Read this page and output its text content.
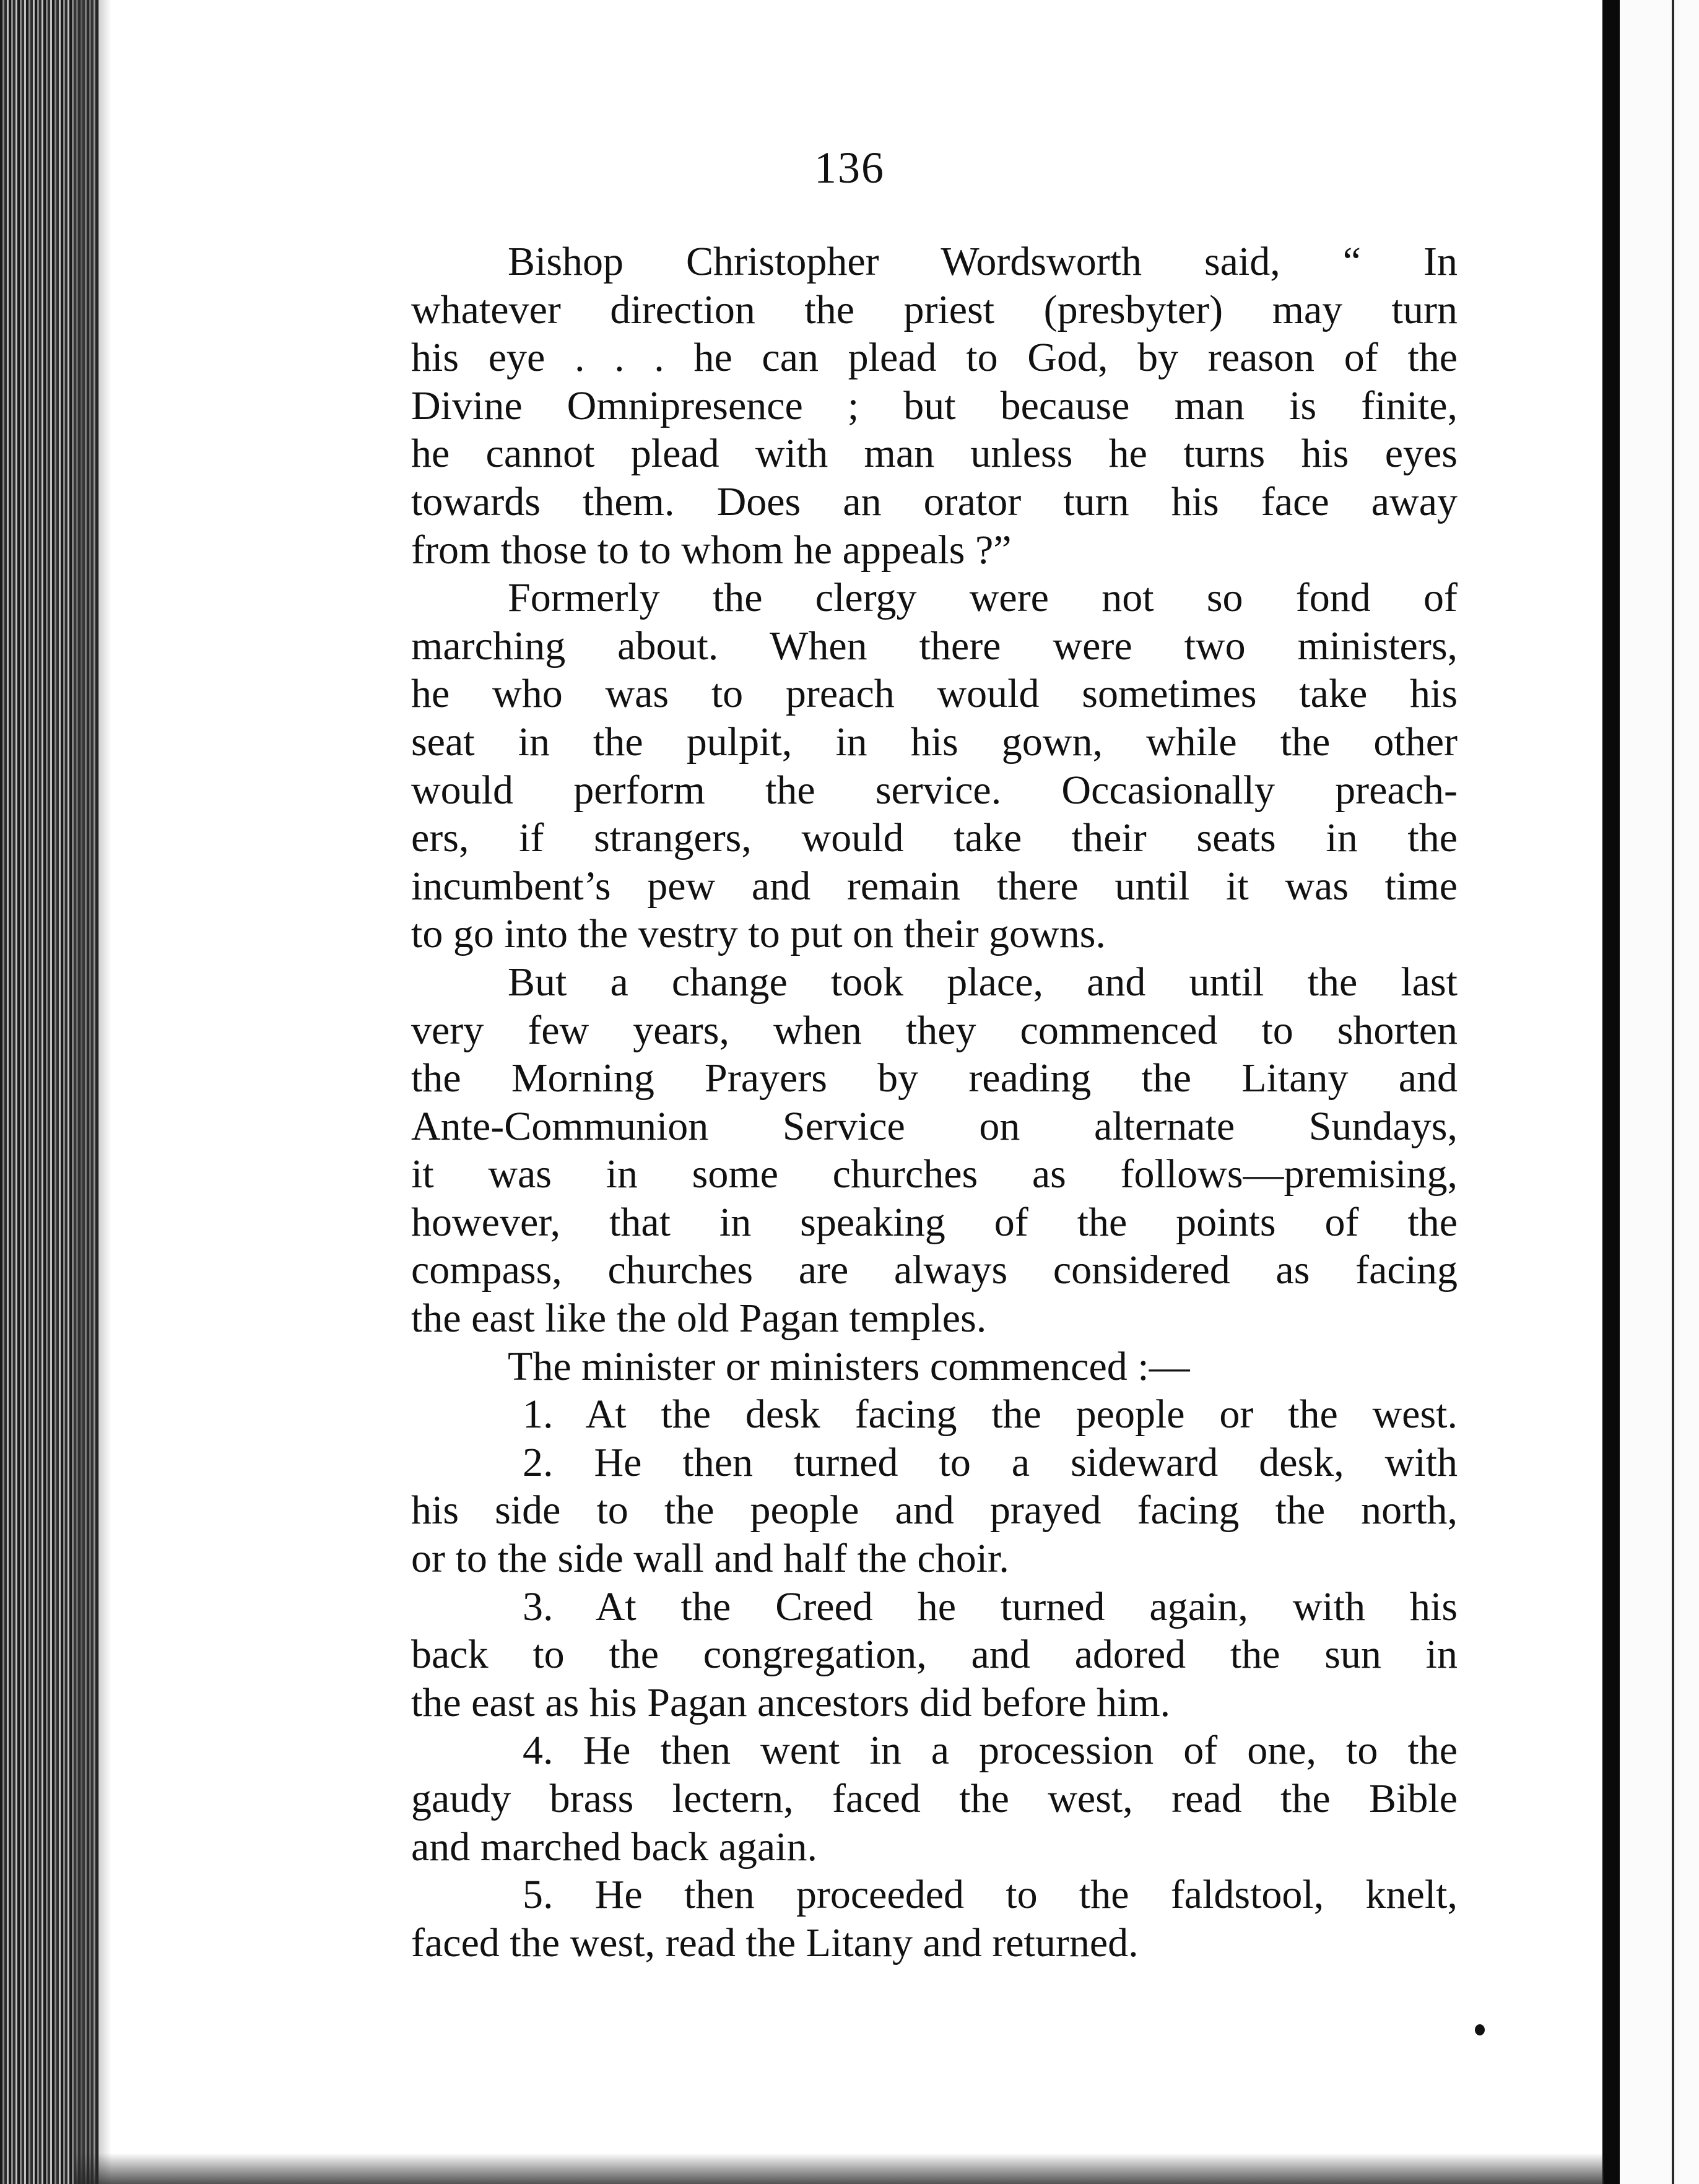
136
Bishop Christopher Wordsworth said, “ In
whatever direction the priest (presbyter) may turn
his eye . . . he can plead to God, by reason of the
Divine Omnipresence ; but because man is finite,
he cannot plead with man unless he turns his eyes
towards them. Does an orator turn his face away
from those to to whom he appeals ?”
Formerly the clergy were not so fond of
marching about. When there were two ministers,
he who was to preach would sometimes take his
seat in the pulpit, in his gown, while the other
would perform the service. Occasionally preach-
ers, if strangers, would take their seats in the
incumbent’s pew and remain there until it was time
to go into the vestry to put on their gowns.
But a change took place, and until the last
very few years, when they commenced to shorten
the Morning Prayers by reading the Litany and
Ante-Communion Service on alternate Sundays,
it was in some churches as follows—premising,
however, that in speaking of the points of the
compass, churches are always considered as facing
the east like the old Pagan temples.
The minister or ministers commenced :—
1. At the desk facing the people or the west.
2. He then turned to a sideward desk, with
his side to the people and prayed facing the north,
or to the side wall and half the choir.
3. At the Creed he turned again, with his
back to the congregation, and adored the sun in
the east as his Pagan ancestors did before him.
4. He then went in a procession of one, to the
gaudy brass lectern, faced the west, read the Bible
and marched back again.
5. He then proceeded to the faldstool, knelt,
faced the west, read the Litany and returned.
